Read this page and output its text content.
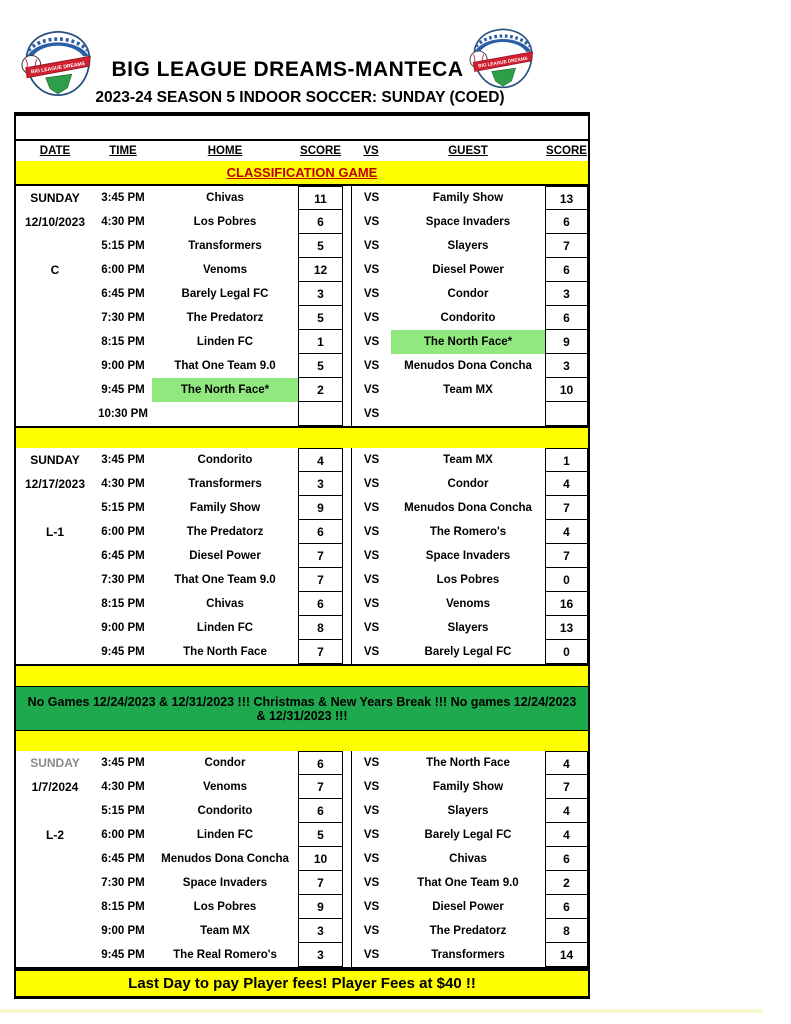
BIG LEAGUE DREAMS	BIG LEAGUE DREAMS
BIG LEAGUE DREAMS-MANTECA
2023-24 SEASON 5 INDOOR SOCCER: SUNDAY (COED)
DATE	TIME	HOME	SCORE	VS	GUEST	SCORE
CLASSIFICATION GAME
SUNDAY	3:45 PM	Chivas	11	VS	Family Show	13
12/10/2023	4:30 PM	Los Pobres	6	VS	Space Invaders	6
5:15 PM	Transformers	5	VS	Slayers	7
C	6:00 PM	Venoms	12	VS	Diesel Power	6
6:45 PM	Barely Legal FC	3	VS	Condor	3
7:30 PM	The Predatorz	5	VS	Condorito	6
8:15 PM	Linden FC	1	VS	The North Face*	9
9:00 PM	That One Team 9.0	5	VS	Menudos Dona Concha	3
9:45 PM	The North Face*	2	VS	Team MX	10
10:30 PM	VS
SUNDAY	3:45 PM	Condorito	4	VS	Team MX	1
12/17/2023	4:30 PM	Transformers	3	VS	Condor	4
5:15 PM	Family Show	9	VS	Menudos Dona Concha	7
L-1	6:00 PM	The Predatorz	6	VS	The Romero's	4
6:45 PM	Diesel Power	7	VS	Space Invaders	7
7:30 PM	That One Team 9.0	7	VS	Los Pobres	0
8:15 PM	Chivas	6	VS	Venoms	16
9:00 PM	Linden FC	8	VS	Slayers	13
9:45 PM	The North Face	7	VS	Barely Legal FC	0
No Games 12/24/2023 & 12/31/2023 !!! Christmas & New Years Break !!! No games 12/24/2023 & 12/31/2023 !!!
SUNDAY	3:45 PM	Condor	6	VS	The North Face	4
1/7/2024	4:30 PM	Venoms	7	VS	Family Show	7
5:15 PM	Condorito	6	VS	Slayers	4
L-2	6:00 PM	Linden FC	5	VS	Barely Legal FC	4
6:45 PM	Menudos Dona Concha	10	VS	Chivas	6
7:30 PM	Space Invaders	7	VS	That One Team 9.0	2
8:15 PM	Los Pobres	9	VS	Diesel Power	6
9:00 PM	Team MX	3	VS	The Predatorz	8
9:45 PM	The Real Romero's	3	VS	Transformers	14
Last Day to pay Player fees! Player Fees at $40 !!
